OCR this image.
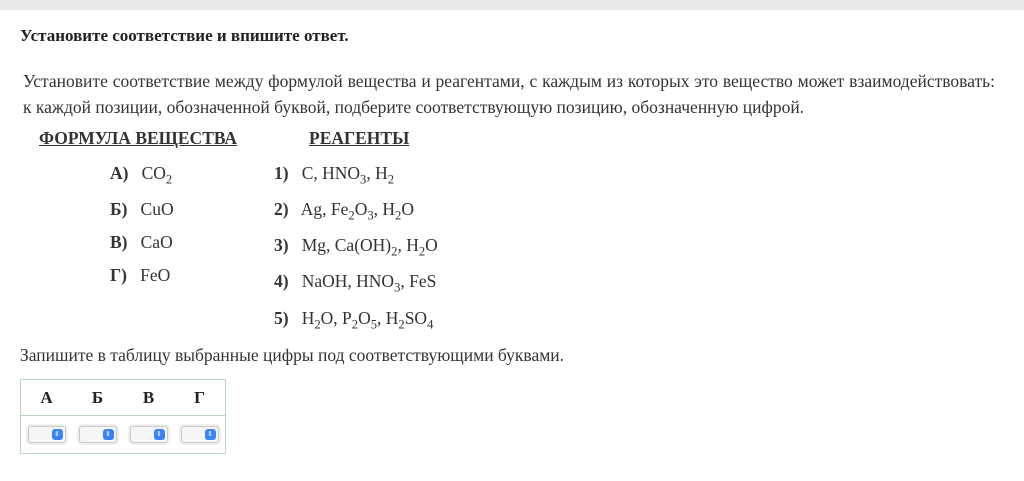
Установите соответствие и впишите ответ.
Установите соответствие между формулой вещества и реагентами, с каждым из которых это вещество может взаимодействовать: к каждой позиции, обозначенной буквой, подберите соответствующую позицию, обозначенную цифрой.
ФОРМУЛА ВЕЩЕСТВА	РЕАГЕНТЫ
А) $CO_2$
Б) CuO
В) CaO
Г) FeO
1) C, $HNO_3$, $H_2$
2) Ag, $Fe_2O_3$, $H_2O$
3) Mg, $Ca(OH)_2$, $H_2O$
4) NaOH, $HNO_3$, FeS
5) $H_2O$, $P_2O_5$, $H_2SO_4$
Запишите в таблицу выбранные цифры под соответствующими буквами.
А	Б	В	Г

⇕	⇕	⇕	⇕
